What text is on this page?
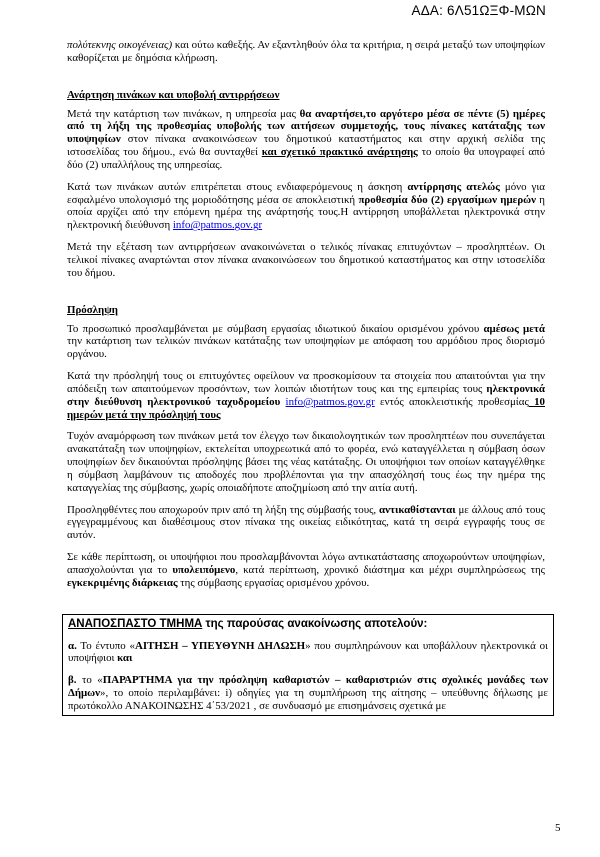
ΑΔΑ: 6Λ51ΩΞΦ-ΜΩΝ

πολύτεκνης οικογένειας) και ούτω καθεξής. Αν εξαντληθούν όλα τα κριτήρια, η σειρά μεταξύ των υποψηφίων καθορίζεται με δημόσια κλήρωση.

Ανάρτηση πινάκων και υποβολή αντιρρήσεων

Μετά την κατάρτιση των πινάκων, η υπηρεσία μας θα αναρτήσει,το αργότερο μέσα σε πέντε (5) ημέρες από τη λήξη της προθεσμίας υποβολής των αιτήσεων συμμετοχής, τους πίνακες κατάταξης των υποψηφίων στον πίνακα ανακοινώσεων του δημοτικού καταστήματος και στην αρχική σελίδα της ιστοσελίδας του δήμου., ενώ θα συνταχθεί και σχετικό πρακτικό ανάρτησης το οποίο θα υπογραφεί από δύο (2) υπαλλήλους της υπηρεσίας.

Κατά των πινάκων αυτών επιτρέπεται στους ενδιαφερόμενους η άσκηση αντίρρησης ατελώς μόνο για εσφαλμένο υπολογισμό της μοριοδότησης μέσα σε αποκλειστική προθεσμία δύο (2) εργασίμων ημερών η οποία αρχίζει από την επόμενη ημέρα της ανάρτησής τους.Η αντίρρηση υποβάλλεται ηλεκτρονικά στην ηλεκτρονική διεύθυνση info@patmos.gov.gr

Μετά την εξέταση των αντιρρήσεων ανακοινώνεται ο τελικός πίνακας επιτυχόντων – προσληπτέων. Οι τελικοί πίνακες αναρτώνται στον πίνακα ανακοινώσεων του δημοτικού καταστήματος και στην ιστοσελίδα του δήμου.

Πρόσληψη

Το προσωπικό προσλαμβάνεται με σύμβαση εργασίας ιδιωτικού δικαίου ορισμένου χρόνου αμέσως μετά την κατάρτιση των τελικών πινάκων κατάταξης των υποψηφίων με απόφαση του αρμόδιου προς διορισμό οργάνου.

Κατά την πρόσληψή τους οι επιτυχόντες οφείλουν να προσκομίσουν τα στοιχεία που απαιτούνται για την απόδειξη των απαιτούμενων προσόντων, των λοιπών ιδιοτήτων τους και της εμπειρίας τους ηλεκτρονικά στην διεύθυνση ηλεκτρονικού ταχυδρομείου info@patmos.gov.gr εντός αποκλειστικής προθεσμίας 10 ημερών μετά την πρόσληψή τους

Τυχόν αναμόρφωση των πινάκων μετά τον έλεγχο των δικαιολογητικών των προσληπτέων που συνεπάγεται ανακατάταξη των υποψηφίων, εκτελείται υποχρεωτικά από το φορέα, ενώ καταγγέλλεται η σύμβαση όσων υποψηφίων δεν δικαιούνται πρόσληψης βάσει της νέας κατάταξης. Οι υποψήφιοι των οποίων καταγγέλθηκε η σύμβαση λαμβάνουν τις αποδοχές που προβλέπονται για την απασχόλησή τους έως την ημέρα της καταγγελίας της σύμβασης, χωρίς οποιαδήποτε αποζημίωση από την αιτία αυτή.

Προσληφθέντες που αποχωρούν πριν από τη λήξη της σύμβασής τους, αντικαθίστανται με άλλους από τους εγγεγραμμένους και διαθέσιμους στον πίνακα της οικείας ειδικότητας, κατά τη σειρά εγγραφής τους σε αυτόν.

Σε κάθε περίπτωση, οι υποψήφιοι που προσλαμβάνονται λόγω αντικατάστασης αποχωρούντων υποψηφίων, απασχολούνται για το υπολειπόμενο, κατά περίπτωση, χρονικό διάστημα και μέχρι συμπληρώσεως της εγκεκριμένης διάρκειας της σύμβασης εργασίας ορισμένου χρόνου.

ΑΝΑΠΟΣΠΑΣΤΟ ΤΜΗΜΑ της παρούσας ανακοίνωσης αποτελούν:

α. Το έντυπο «ΑΙΤΗΣΗ – ΥΠΕΥΘΥΝΗ ΔΗΛΩΣΗ» που συμπληρώνουν και υποβάλλουν ηλεκτρονικά οι υποψήφιοι και

β. το «ΠΑΡΑΡΤΗΜΑ για την πρόσληψη καθαριστών – καθαριστριών στις σχολικές μονάδες των Δήμων», το οποίο περιλαμβάνει: i) οδηγίες για τη συμπλήρωση της αίτησης – υπεύθυνης δήλωσης με πρωτόκολλο ΑΝΑΚΟΙΝΩΣΗΣ 4΄53/2021 , σε συνδυασμό με επισημάνσεις σχετικά με

5
